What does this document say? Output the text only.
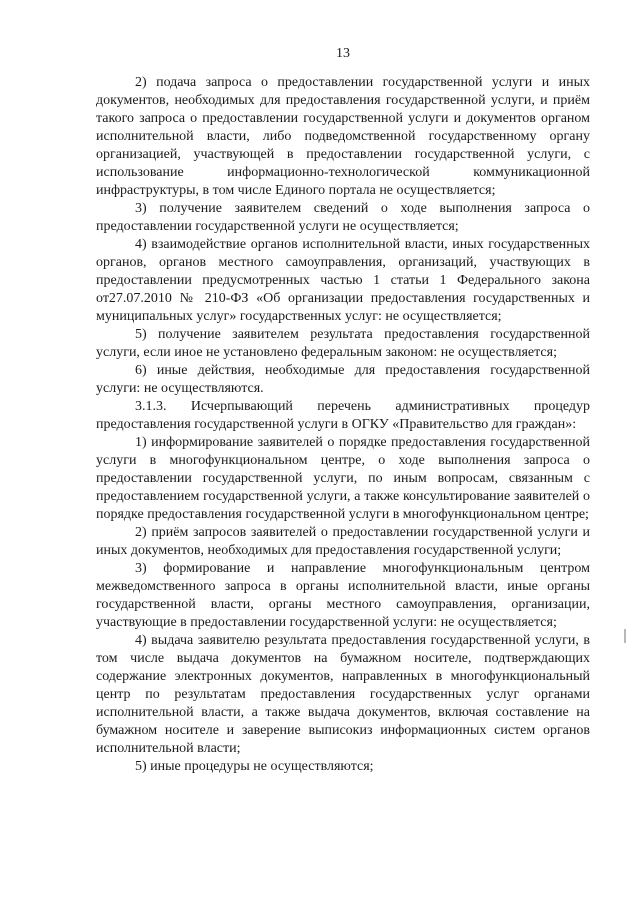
13

2) подача запроса о предоставлении государственной услуги и иных документов, необходимых для предоставления государственной услуги, и приём такого запроса о предоставлении государственной услуги и документов органом исполнительной власти, либо подведомственной государственному органу организацией, участвующей в предоставлении государственной услуги, с использование информационно-технологической коммуникационной инфраструктуры, в том числе Единого портала не осуществляется;

3) получение заявителем сведений о ходе выполнения запроса о предоставлении государственной услуги не осуществляется;

4) взаимодействие органов исполнительной власти, иных государственных органов, органов местного самоуправления, организаций, участвующих в предоставлении предусмотренных частью 1 статьи 1 Федерального закона от27.07.2010 № 210-ФЗ «Об организации предоставления государственных и муниципальных услуг» государственных услуг: не осуществляется;

5) получение заявителем результата предоставления государственной услуги, если иное не установлено федеральным законом: не осуществляется;

6) иные действия, необходимые для предоставления государственной услуги: не осуществляются.

3.1.3. Исчерпывающий перечень административных процедур предоставления государственной услуги в ОГКУ «Правительство для граждан»:

1) информирование заявителей о порядке предоставления государственной услуги в многофункциональном центре, о ходе выполнения запроса о предоставлении государственной услуги, по иным вопросам, связанным с предоставлением государственной услуги, а также консультирование заявителей о порядке предоставления государственной услуги в многофункциональном центре;

2) приём запросов заявителей о предоставлении государственной услуги и иных документов, необходимых для предоставления государственной услуги;

3) формирование и направление многофункциональным центром межведомственного запроса в органы исполнительной власти, иные органы государственной власти, органы местного самоуправления, организации, участвующие в предоставлении государственной услуги: не осуществляется;

4) выдача заявителю результата предоставления государственной услуги, в том числе выдача документов на бумажном носителе, подтверждающих содержание электронных документов, направленных в многофункциональный центр по результатам предоставления государственных услуг органами исполнительной власти, а также выдача документов, включая составление на бумажном носителе и заверение выписокиз информационных систем органов исполнительной власти;

5) иные процедуры не осуществляются;
